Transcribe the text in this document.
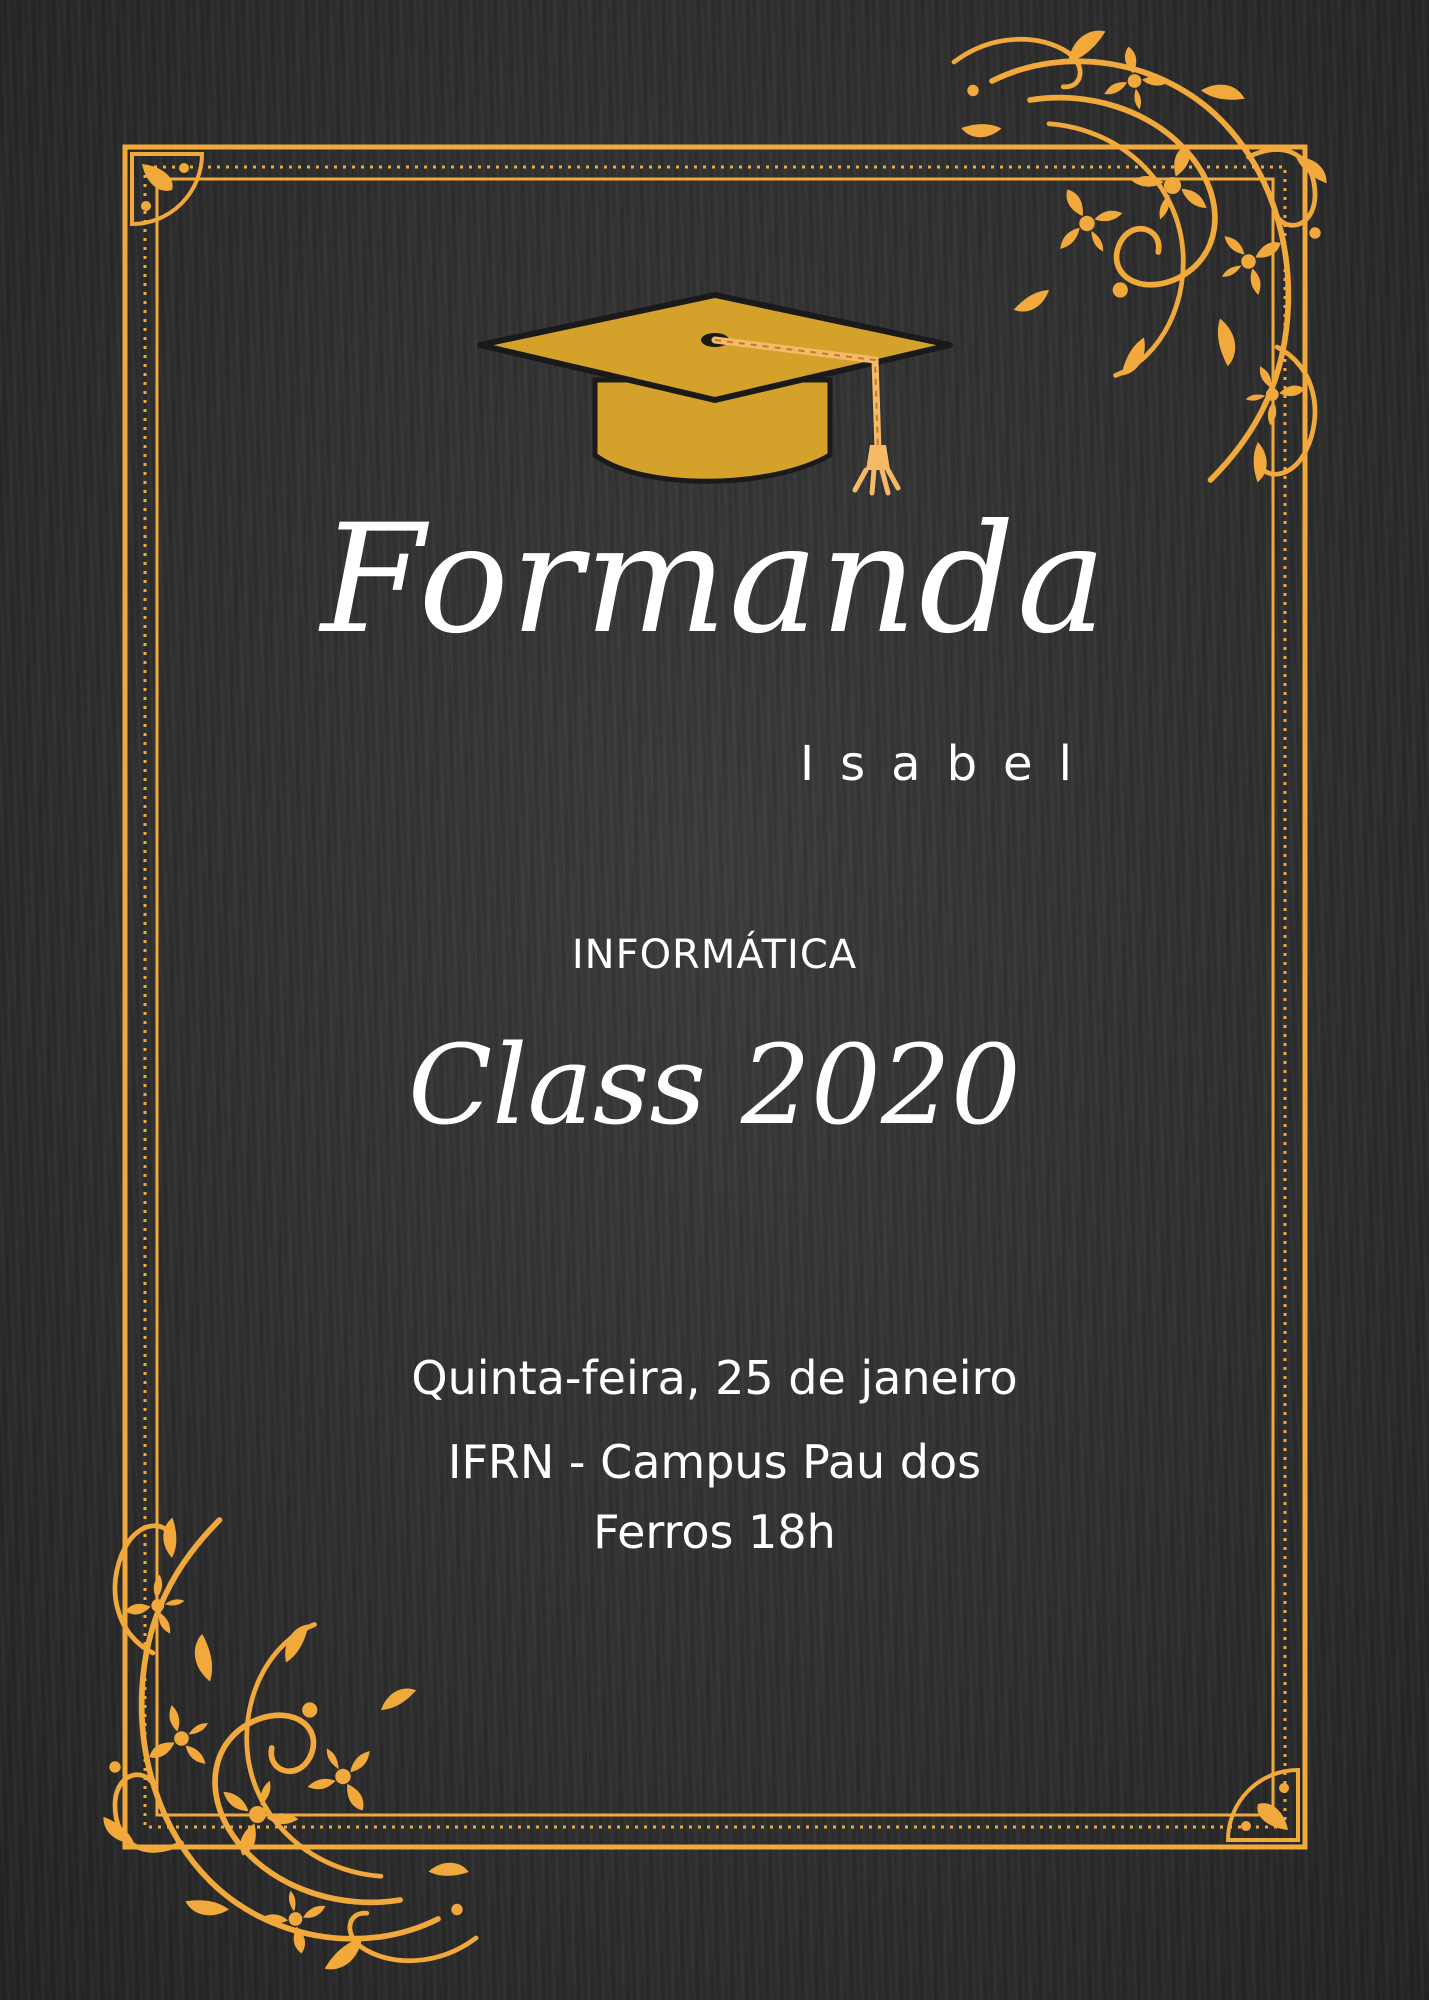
Formanda
Isabel
INFORMÁTICA
Class 2020
Quinta-feira, 25 de janeiro
IFRN - Campus Pau dos
Ferros 18h
